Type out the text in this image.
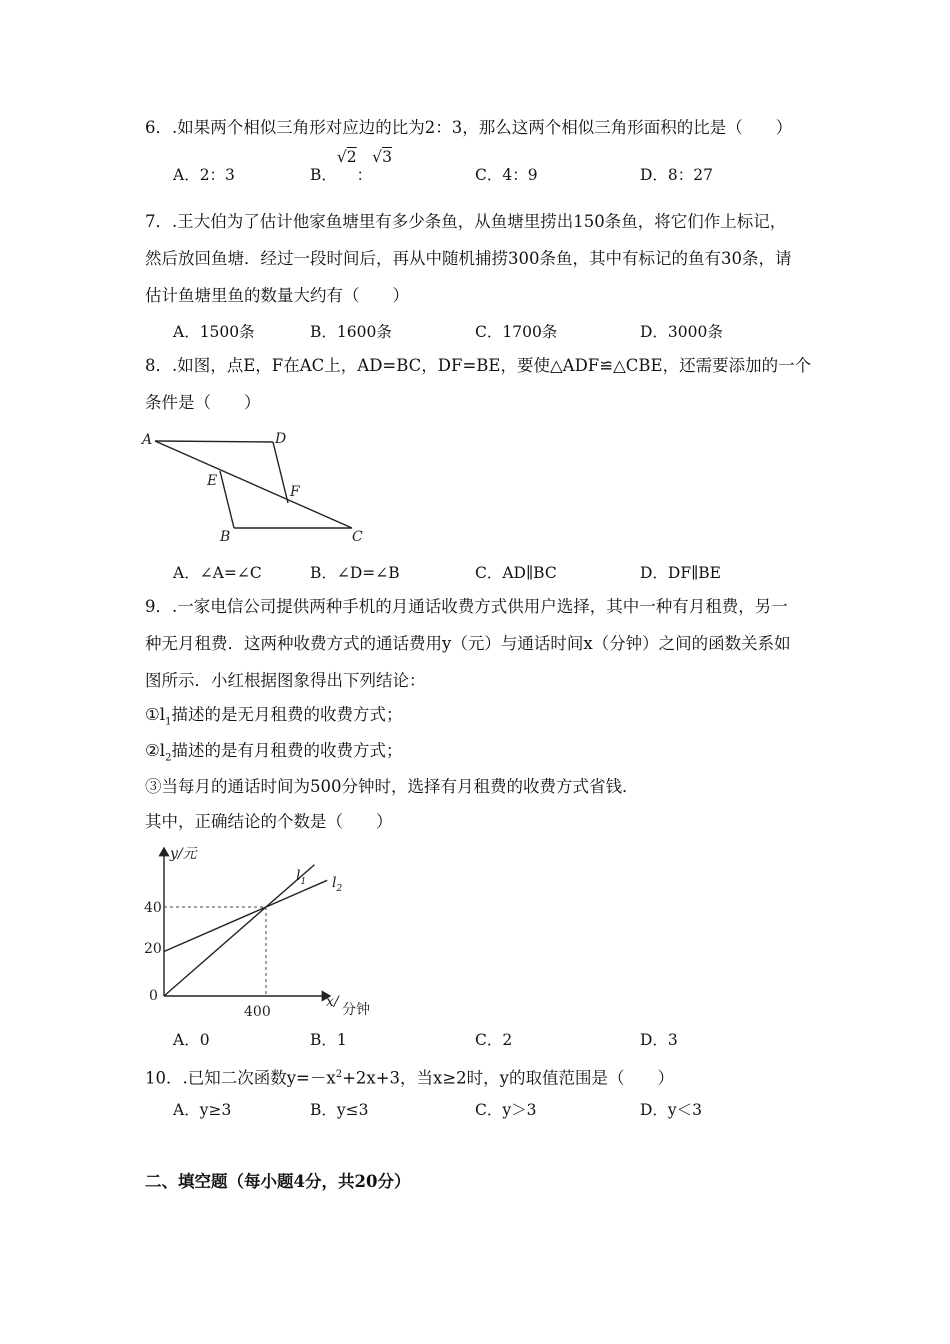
6．.如果两个相似三角形对应边的比为2：3，那么这两个相似三角形面积的比是（　　）
A．2：3	B．√2：√3
C．4：9	D．8：27
7．.王大伯为了估计他家鱼塘里有多少条鱼，从鱼塘里捞出150条鱼，将它们作上标记，
然后放回鱼塘．经过一段时间后，再从中随机捕捞300条鱼，其中有标记的鱼有30条，请
估计鱼塘里鱼的数量大约有（　　）
A．1500条	B．1600条	C．1700条	D．3000条
8．.如图，点E，F在AC上，AD=BC，DF=BE，要使△ADF≌△CBE，还需要添加的一个
条件是（　　）
A	D
E
F
B	C
A．∠A=∠C	B．∠D=∠B	C．AD∥BC	D．DF∥BE
9．.一家电信公司提供两种手机的月通话收费方式供用户选择，其中一种有月租费，另一
种无月租费．这两种收费方式的通话费用y（元）与通话时间x（分钟）之间的函数关系如
图所示．小红根据图象得出下列结论：
$①l_1$描述的是无月租费的收费方式；
$②l_2$描述的是有月租费的收费方式；
③当每月的通话时间为500分钟时，选择有月租费的收费方式省钱．
其中，正确结论的个数是（　　）
y/元
40
20
0
400
x/ 分钟
$l_1$ $l_2$
A．0	B．1	C．2	D．3
10．.已知二次函数$y=-x^2+2x+3$，当x≥2时，y的取值范围是（　　）
A．y≥3	B．y≤3	C．y＞3	D．y＜3
二、填空题（每小题4分，共20分）
